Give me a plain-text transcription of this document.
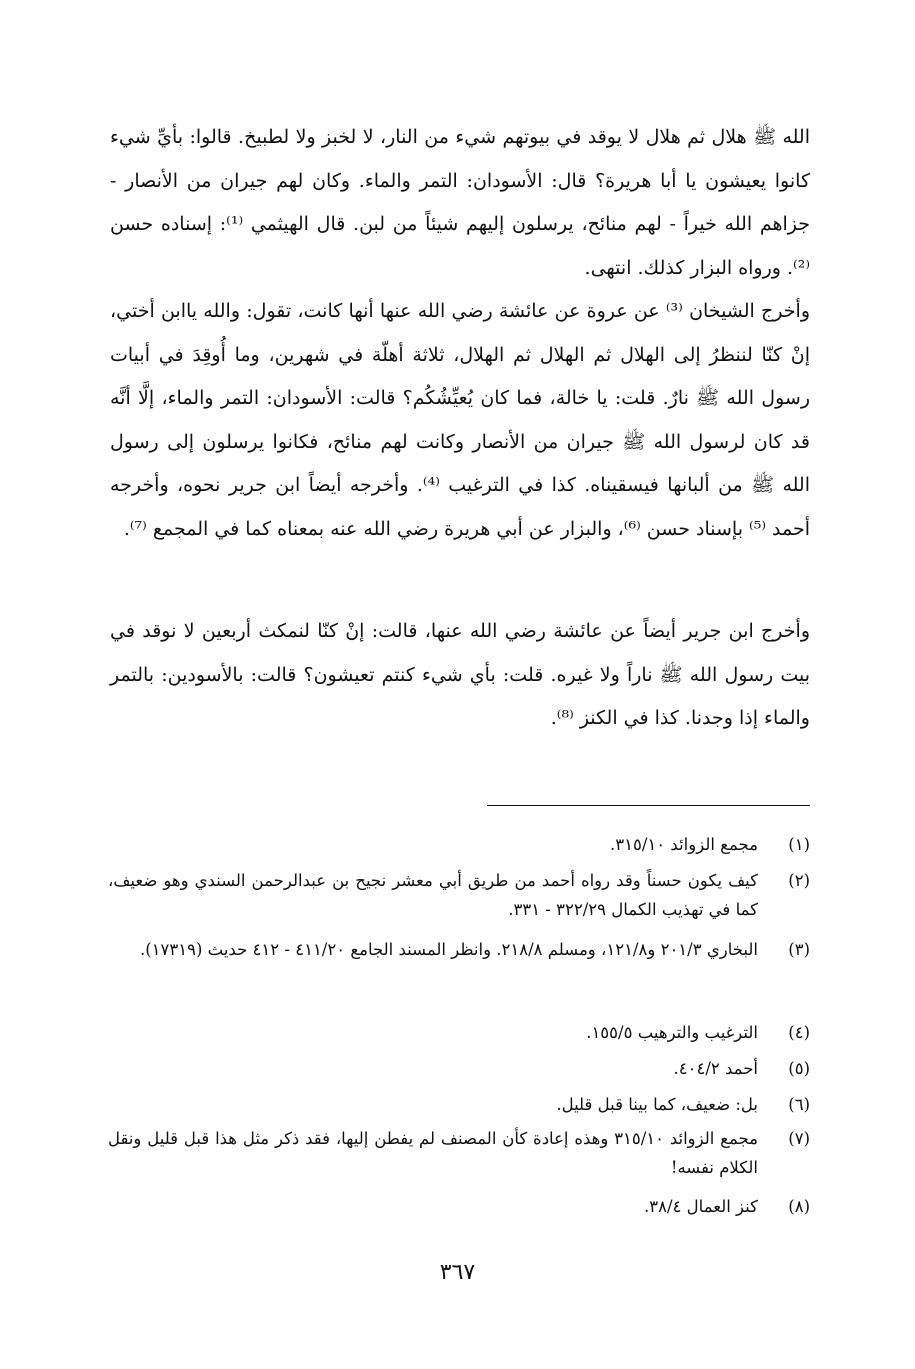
الله ﷺ هلال ثم هلال لا يوقد في بيوتهم شيء من النار، لا لخبز ولا لطبيخ. قالوا: بأيِّ شيء كانوا يعيشون يا أبا هريرة؟ قال: الأسودان: التمر والماء. وكان لهم جيران من الأنصار - جزاهم الله خيراً - لهم منائح، يرسلون إليهم شيئاً من لبن. قال الهيثمي ⁽¹⁾: إسناده حسن ⁽²⁾. ورواه البزار كذلك. انتهى.

وأخرج الشيخان ⁽³⁾ عن عروة عن عائشة رضي الله عنها أنها كانت، تقول: والله ياابن أختي، إنْ كنّا لننظرُ إلى الهلال ثم الهلال ثم الهلال، ثلاثة أهلّة في شهرين، وما أُوقِدَ في أبيات رسول الله ﷺ نارٌ. قلت: يا خالة، فما كان يُعيِّشُكُم؟ قالت: الأسودان: التمر والماء، إلَّا أنَّه قد كان لرسول الله ﷺ جيران من الأنصار وكانت لهم منائح، فكانوا يرسلون إلى رسول الله ﷺ من ألبانها فيسقيناه. كذا في الترغيب ⁽⁴⁾. وأخرجه أيضاً ابن جرير نحوه، وأخرجه أحمد ⁽⁵⁾ بإسناد حسن ⁽⁶⁾، والبزار عن أبي هريرة رضي الله عنه بمعناه كما في المجمع ⁽⁷⁾.

وأخرج ابن جرير أيضاً عن عائشة رضي الله عنها، قالت: إنْ كنّا لنمكث أربعين لا نوقد في بيت رسول الله ﷺ ناراً ولا غيره. قلت: بأي شيء كنتم تعيشون؟ قالت: بالأسودين: بالتمر والماء إذا وجدنا. كذا في الكنز ⁽⁸⁾.

(١)
مجمع الزوائد ٣١٥/١٠.
(٢)
كيف يكون حسناً وقد رواه أحمد من طريق أبي معشر نجيح بن عبدالرحمن السندي وهو ضعيف، كما في تهذيب الكمال ٣٢٢/٢٩ - ٣٣١.
(٣)
البخاري ٢٠١/٣ و١٢١/٨، ومسلم ٢١٨/٨. وانظر المسند الجامع ٤١١/٢٠ - ٤١٢ حديث (١٧٣١٩).
(٤)
الترغيب والترهيب ١٥٥/٥.
(٥)
أحمد ٤٠٤/٢.
(٦)
بل: ضعيف، كما بينا قبل قليل.
(٧)
مجمع الزوائد ٣١٥/١٠ وهذه إعادة كأن المصنف لم يفطن إليها، فقد ذكر مثل هذا قبل قليل ونقل الكلام نفسه!
(٨)
كنز العمال ٣٨/٤.
٣٦٧
